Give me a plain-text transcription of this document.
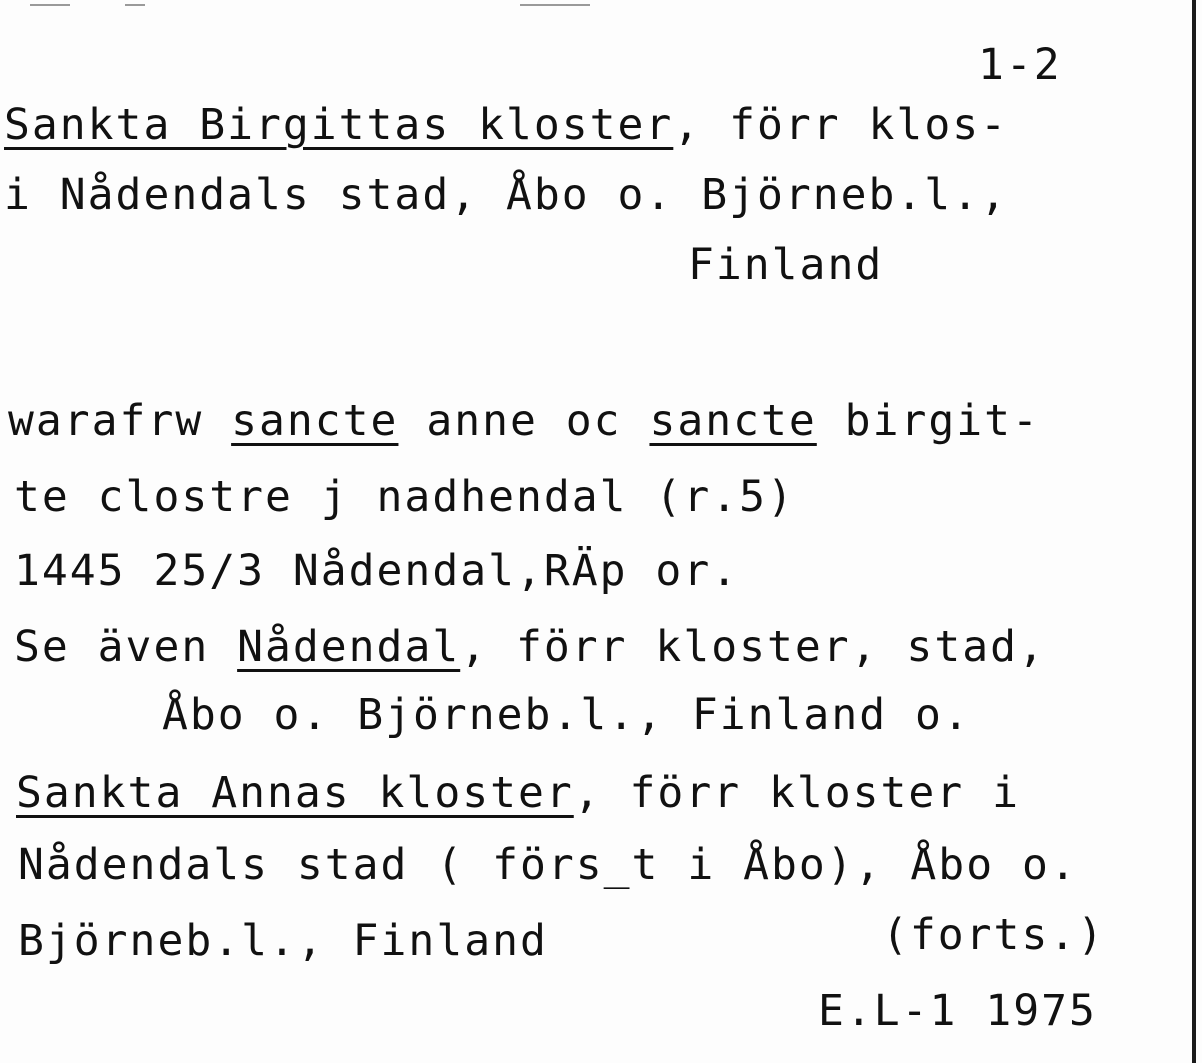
1-2
Sankta Birgittas kloster, förr klos-
i Nådendals stad, Åbo o. Björneb.l.,
Finland
warafrw sancte anne oc sancte birgit-
te clostre j nadhendal (r.5)
1445 25/3 Nådendal,RÄp or.
Se även Nådendal, förr kloster, stad,
Åbo o. Björneb.l., Finland o.
Sankta Annas kloster, förr kloster i
Nådendals stad ( förs_t i Åbo), Åbo o.
Björneb.l., Finland	(forts.)
E.L-1 1975
